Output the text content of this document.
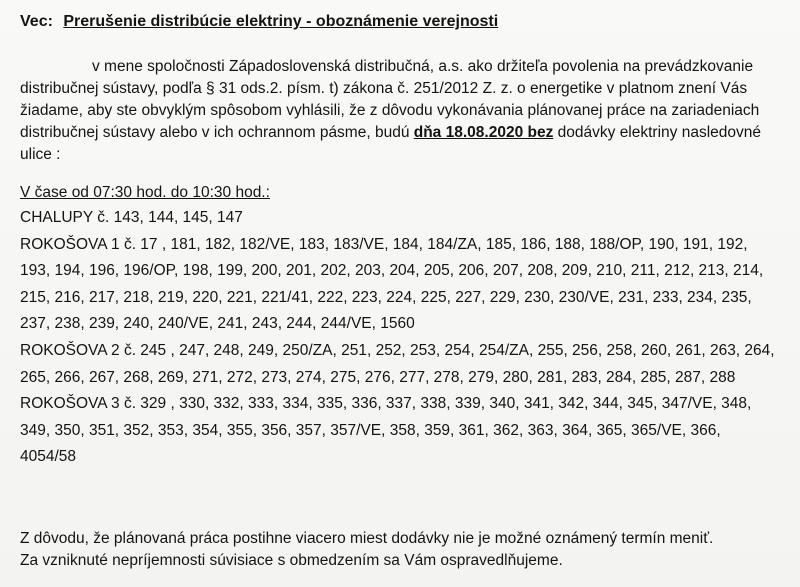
Vec: Prerušenie distribúcie elektriny - oboznámenie verejnosti
v mene spoločnosti Západoslovenská distribučná, a.s. ako držiteľa povolenia na prevádzkovanie
distribučnej sústavy, podľa § 31 ods.2. písm. t) zákona č. 251/2012 Z. z. o energetike v platnom znení Vás
žiadame, aby ste obvyklým spôsobom vyhlásili, že z dôvodu vykonávania plánovanej práce na zariadeniach
distribučnej sústavy alebo v ich ochrannom pásme, budú dňa 18.08.2020 bez dodávky elektriny nasledovné
ulice :
V čase od 07:30 hod. do 10:30 hod.:
CHALUPY č. 143, 144, 145, 147
ROKOŠOVA 1 č. 17 , 181, 182, 182/VE, 183, 183/VE, 184, 184/ZA, 185, 186, 188, 188/OP, 190, 191, 192,
193, 194, 196, 196/OP, 198, 199, 200, 201, 202, 203, 204, 205, 206, 207, 208, 209, 210, 211, 212, 213, 214,
215, 216, 217, 218, 219, 220, 221, 221/41, 222, 223, 224, 225, 227, 229, 230, 230/VE, 231, 233, 234, 235,
237, 238, 239, 240, 240/VE, 241, 243, 244, 244/VE, 1560
ROKOŠOVA 2 č. 245 , 247, 248, 249, 250/ZA, 251, 252, 253, 254, 254/ZA, 255, 256, 258, 260, 261, 263, 264,
265, 266, 267, 268, 269, 271, 272, 273, 274, 275, 276, 277, 278, 279, 280, 281, 283, 284, 285, 287, 288
ROKOŠOVA 3 č. 329 , 330, 332, 333, 334, 335, 336, 337, 338, 339, 340, 341, 342, 344, 345, 347/VE, 348,
349, 350, 351, 352, 353, 354, 355, 356, 357, 357/VE, 358, 359, 361, 362, 363, 364, 365, 365/VE, 366,
4054/58
Z dôvodu, že plánovaná práca postihne viacero miest dodávky nie je možné oznámený termín meniť.
Za vzniknuté nepríjemnosti súvisiace s obmedzením sa Vám ospravedlňujeme.
